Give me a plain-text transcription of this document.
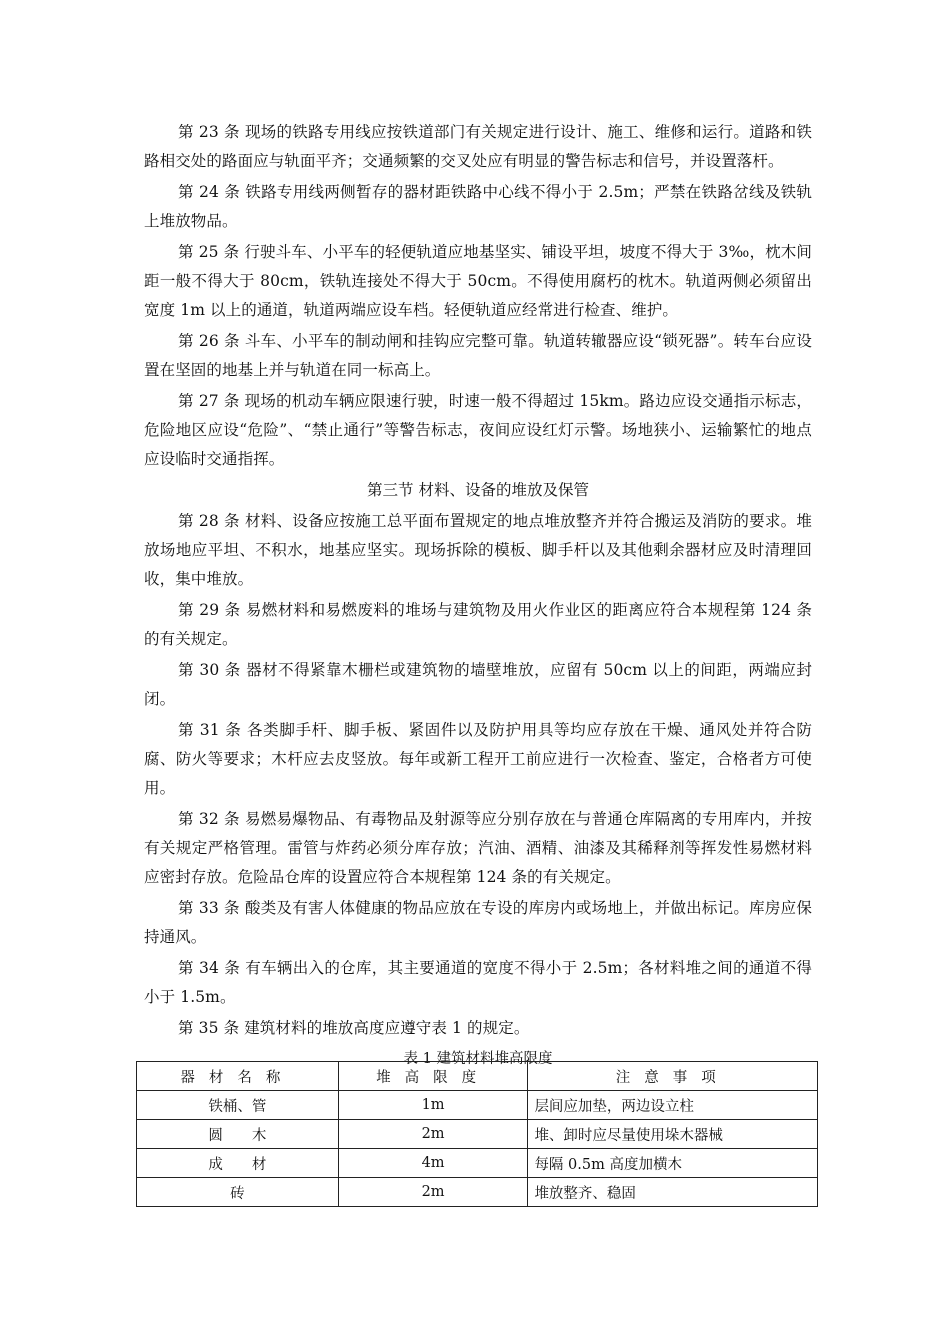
第 23 条 现场的铁路专用线应按铁道部门有关规定进行设计、施工、维修和运行。道路和铁路相交处的路面应与轨面平齐；交通频繁的交叉处应有明显的警告标志和信号，并设置落杆。

第 24 条 铁路专用线两侧暂存的器材距铁路中心线不得小于 2.5m；严禁在铁路岔线及铁轨上堆放物品。

第 25 条 行驶斗车、小平车的轻便轨道应地基坚实、铺设平坦，坡度不得大于 3‰，枕木间距一般不得大于 80cm，铁轨连接处不得大于 50cm。不得使用腐朽的枕木。轨道两侧必须留出宽度 1m 以上的通道，轨道两端应设车档。轻便轨道应经常进行检查、维护。

第 26 条 斗车、小平车的制动闸和挂钩应完整可靠。轨道转辙器应设“锁死器”。转车台应设置在坚固的地基上并与轨道在同一标高上。

第 27 条 现场的机动车辆应限速行驶，时速一般不得超过 15km。路边应设交通指示标志，危险地区应设“危险”、“禁止通行”等警告标志，夜间应设红灯示警。场地狭小、运输繁忙的地点应设临时交通指挥。

第三节 材料、设备的堆放及保管

第 28 条 材料、设备应按施工总平面布置规定的地点堆放整齐并符合搬运及消防的要求。堆放场地应平坦、不积水，地基应坚实。现场拆除的模板、脚手杆以及其他剩余器材应及时清理回收，集中堆放。

第 29 条 易燃材料和易燃废料的堆场与建筑物及用火作业区的距离应符合本规程第 124 条的有关规定。

第 30 条 器材不得紧靠木栅栏或建筑物的墙壁堆放，应留有 50cm 以上的间距，两端应封闭。

第 31 条 各类脚手杆、脚手板、紧固件以及防护用具等均应存放在干燥、通风处并符合防腐、防火等要求；木杆应去皮竖放。每年或新工程开工前应进行一次检查、鉴定，合格者方可使用。

第 32 条 易燃易爆物品、有毒物品及射源等应分别存放在与普通仓库隔离的专用库内，并按有关规定严格管理。雷管与炸药必须分库存放；汽油、酒精、油漆及其稀释剂等挥发性易燃材料应密封存放。危险品仓库的设置应符合本规程第 124 条的有关规定。

第 33 条 酸类及有害人体健康的物品应放在专设的库房内或场地上，并做出标记。库房应保持通风。

第 34 条 有车辆出入的仓库，其主要通道的宽度不得小于 2.5m；各材料堆之间的通道不得小于 1.5m。

第 35 条 建筑材料的堆放高度应遵守表 1 的规定。

表 1 建筑材料堆高限度

器材名称	堆高限度	注意事项
铁桶、管	1m	层间应加垫，两边设立柱
圆　　木	2m	堆、卸时应尽量使用垛木器械
成　　材	4m	每隔 0.5m 高度加横木
砖	2m	堆放整齐、稳固
